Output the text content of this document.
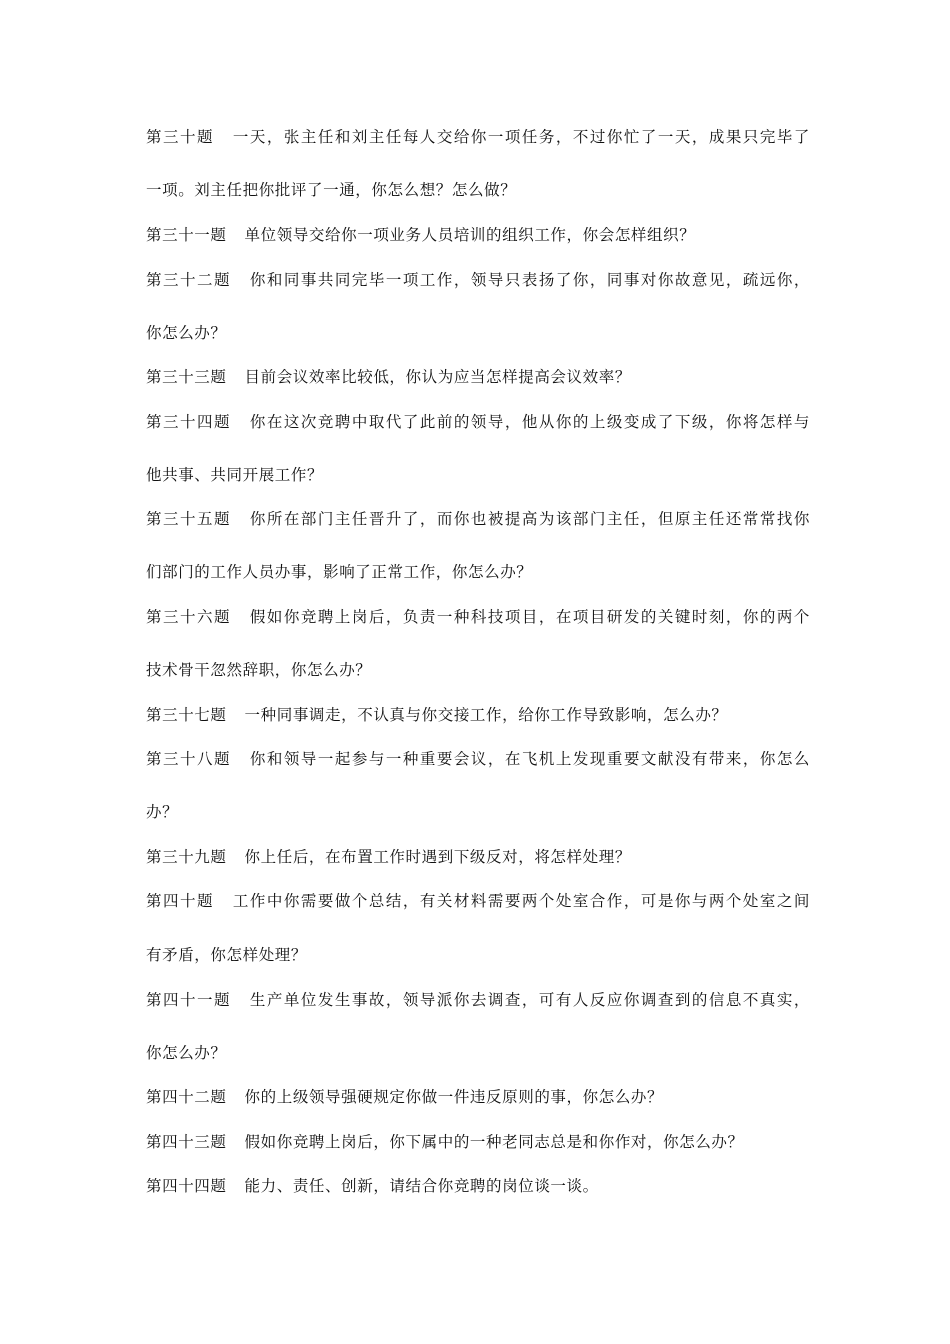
第三十题 一天，张主任和刘主任每人交给你一项任务，不过你忙了一天，成果只完毕了
一项。刘主任把你批评了一通，你怎么想？怎么做？
第三十一题 单位领导交给你一项业务人员培训的组织工作，你会怎样组织？
第三十二题 你和同事共同完毕一项工作，领导只表扬了你，同事对你故意见，疏远你，
你怎么办？
第三十三题 目前会议效率比较低，你认为应当怎样提高会议效率？
第三十四题 你在这次竞聘中取代了此前的领导，他从你的上级变成了下级，你将怎样与
他共事、共同开展工作？
第三十五题 你所在部门主任晋升了，而你也被提高为该部门主任，但原主任还常常找你
们部门的工作人员办事，影响了正常工作，你怎么办？
第三十六题 假如你竞聘上岗后，负责一种科技项目，在项目研发的关键时刻，你的两个
技术骨干忽然辞职，你怎么办？
第三十七题 一种同事调走，不认真与你交接工作，给你工作导致影响，怎么办？
第三十八题 你和领导一起参与一种重要会议，在飞机上发现重要文献没有带来，你怎么
办？
第三十九题 你上任后，在布置工作时遇到下级反对，将怎样处理？
第四十题 工作中你需要做个总结，有关材料需要两个处室合作，可是你与两个处室之间
有矛盾，你怎样处理？
第四十一题 生产单位发生事故，领导派你去调查，可有人反应你调查到的信息不真实，
你怎么办？
第四十二题 你的上级领导强硬规定你做一件违反原则的事，你怎么办？
第四十三题 假如你竞聘上岗后，你下属中的一种老同志总是和你作对，你怎么办？
第四十四题 能力、责任、创新，请结合你竞聘的岗位谈一谈。
